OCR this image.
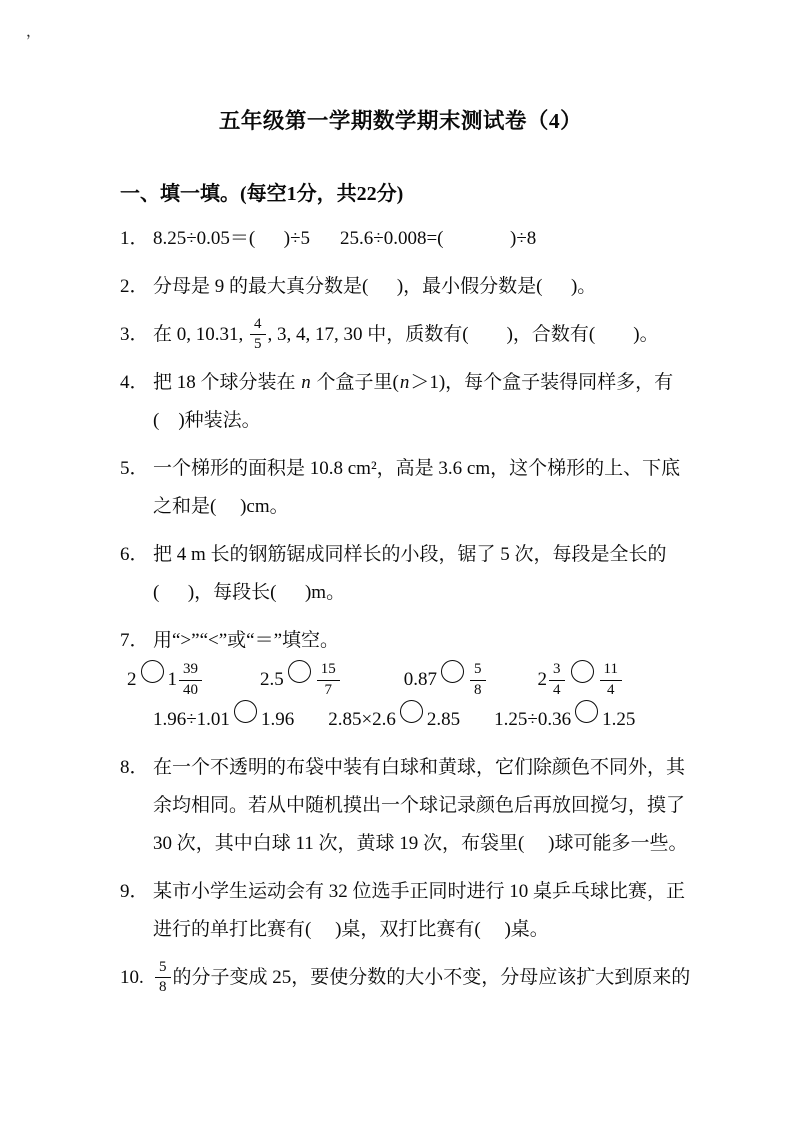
，
五年级第一学期数学期末测试卷（4）
一、填一填。(每空1分，共22分)
1． 8.25÷0.05＝(      )÷5 25.6÷0.008=(              )÷8
2． 分母是 9 的最大真分数是(      )，最小假分数是(      )。
3． 在 0, 10.31, $\frac{4}{5}$ , 3, 4, 17, 30 中，质数有(        )，合数有(        )。
4． 把 18 个球分装在 n 个盒子里(n＞1)，每个盒子装得同样多，有
(    )种装法。
5． 一个梯形的面积是 10.8 cm²，高是 3.6 cm，这个梯形的上、下底
之和是(     )cm。
6． 把 4 m 长的钢筋锯成同样长的小段，锯了 5 次，每段是全长的
(      )，每段长(      )m。
7． 用“>”“<”或“＝”填空。
2 $1 \frac{39}{40}$	$2.5 \frac{15}{7}$	$0.87 \frac{5}{8}$	$2 \frac{3}{4} \frac{11}{4}$
1.96÷1.01 1.96 2.85×2.6 2.85 1.25÷0.36 1.25
8． 在一个不透明的布袋中装有白球和黄球，它们除颜色不同外，其
余均相同。若从中随机摸出一个球记录颜色后再放回搅匀，摸了
30 次，其中白球 11 次，黄球 19 次，布袋里(     )球可能多一些。
9． 某市小学生运动会有 32 位选手正同时进行 10 桌乒乓球比赛，正
进行的单打比赛有(     )桌，双打比赛有(     )桌。
10. $\frac{5}{8}$ 的分子变成 25，要使分数的大小不变，分母应该扩大到原来的
